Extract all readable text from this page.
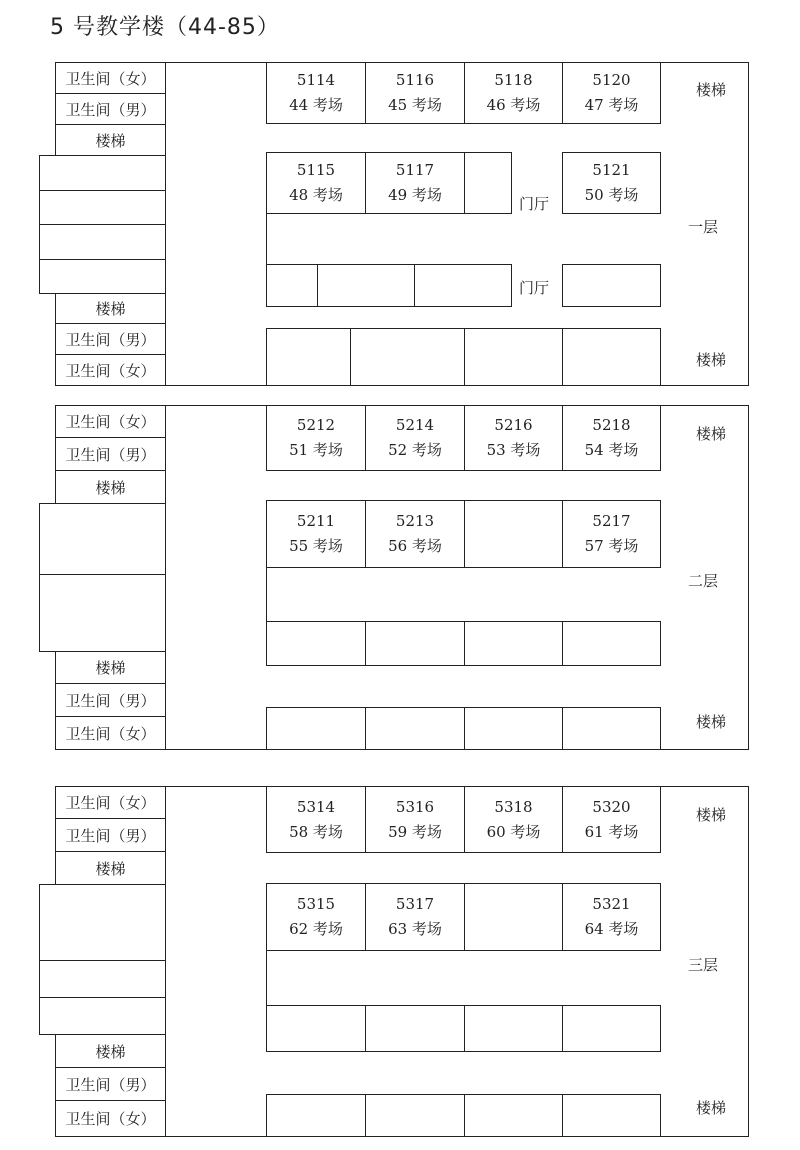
5 号教学楼（44-85）
卫生间（女）
卫生间（男）
楼梯
楼梯
卫生间（男）
卫生间（女）
5114
44 考场
5116
45 考场
5118
46 考场
5120
47 考场
5115
48 考场
5117
49 考场
5121
50 考场
门厅
门厅
楼梯
一层
楼梯
卫生间（女）
卫生间（男）
楼梯
楼梯
卫生间（男）
卫生间（女）
5212
51 考场
5214
52 考场
5216
53 考场
5218
54 考场
5211
55 考场
5213
56 考场
5217
57 考场
楼梯
二层
楼梯
卫生间（女）
卫生间（男）
楼梯
楼梯
卫生间（男）
卫生间（女）
5314
58 考场
5316
59 考场
5318
60 考场
5320
61 考场
5315
62 考场
5317
63 考场
5321
64 考场
楼梯
三层
楼梯
